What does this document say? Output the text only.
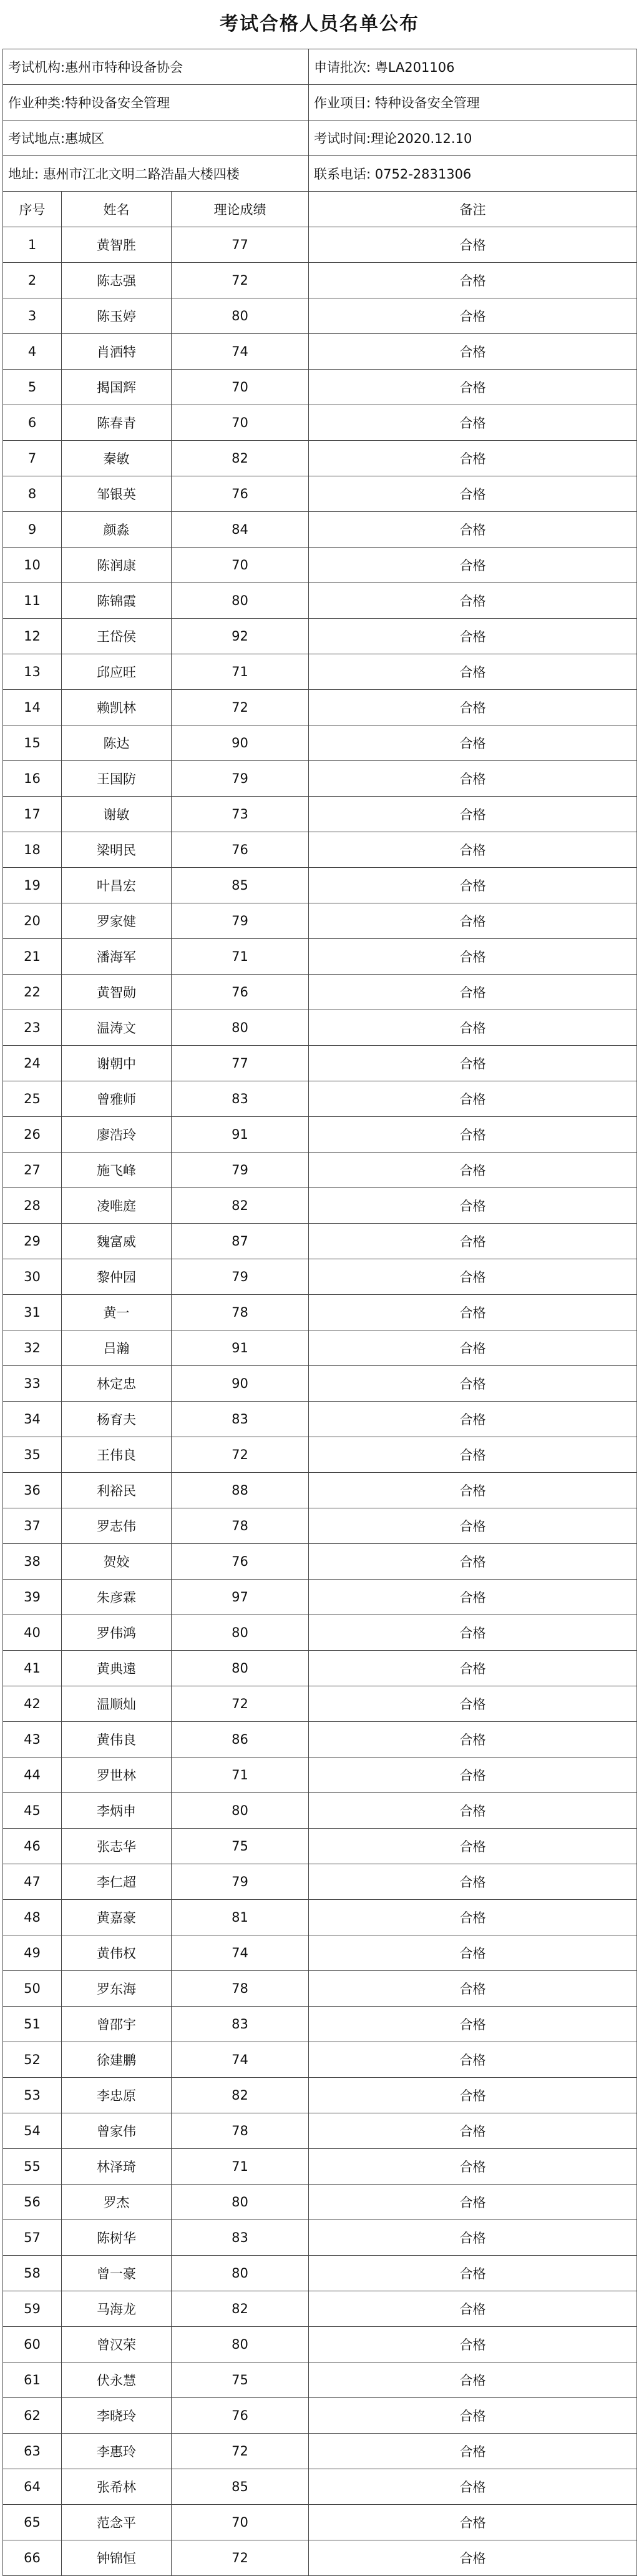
考试合格人员名单公布
考试机构:惠州市特种设备协会			申请批次: 粤LA201106
作业种类:特种设备安全管理			作业项目: 特种设备安全管理
考试地点:惠城区			考试时间:理论2020.12.10
地址: 惠州市江北文明二路浩晶大楼四楼			联系电话: 0752-2831306
序号	姓名	理论成绩	备注
1	黄智胜	77	合格
2	陈志强	72	合格
3	陈玉婷	80	合格
4	肖洒特	74	合格
5	揭国辉	70	合格
6	陈春青	70	合格
7	秦敏	82	合格
8	邹银英	76	合格
9	颜淼	84	合格
10	陈润康	70	合格
11	陈锦霞	80	合格
12	王岱侯	92	合格
13	邱应旺	71	合格
14	赖凯林	72	合格
15	陈达	90	合格
16	王国防	79	合格
17	谢敏	73	合格
18	梁明民	76	合格
19	叶昌宏	85	合格
20	罗家健	79	合格
21	潘海军	71	合格
22	黄智勋	76	合格
23	温涛文	80	合格
24	谢朝中	77	合格
25	曾雅师	83	合格
26	廖浩玲	91	合格
27	施飞峰	79	合格
28	凌唯庭	82	合格
29	魏富威	87	合格
30	黎仲园	79	合格
31	黄一	78	合格
32	吕瀚	91	合格
33	林定忠	90	合格
34	杨育夫	83	合格
35	王伟良	72	合格
36	利裕民	88	合格
37	罗志伟	78	合格
38	贺姣	76	合格
39	朱彦霖	97	合格
40	罗伟鸿	80	合格
41	黄典遠	80	合格
42	温顺灿	72	合格
43	黄伟良	86	合格
44	罗世林	71	合格
45	李炳申	80	合格
46	张志华	75	合格
47	李仁超	79	合格
48	黄嘉豪	81	合格
49	黄伟权	74	合格
50	罗东海	78	合格
51	曾邵宇	83	合格
52	徐建鹏	74	合格
53	李忠原	82	合格
54	曾家伟	78	合格
55	林泽琦	71	合格
56	罗杰	80	合格
57	陈树华	83	合格
58	曾一豪	80	合格
59	马海龙	82	合格
60	曾汉荣	80	合格
61	伏永慧	75	合格
62	李晓玲	76	合格
63	李惠玲	72	合格
64	张希林	85	合格
65	范念平	70	合格
66	钟锦恒	72	合格
